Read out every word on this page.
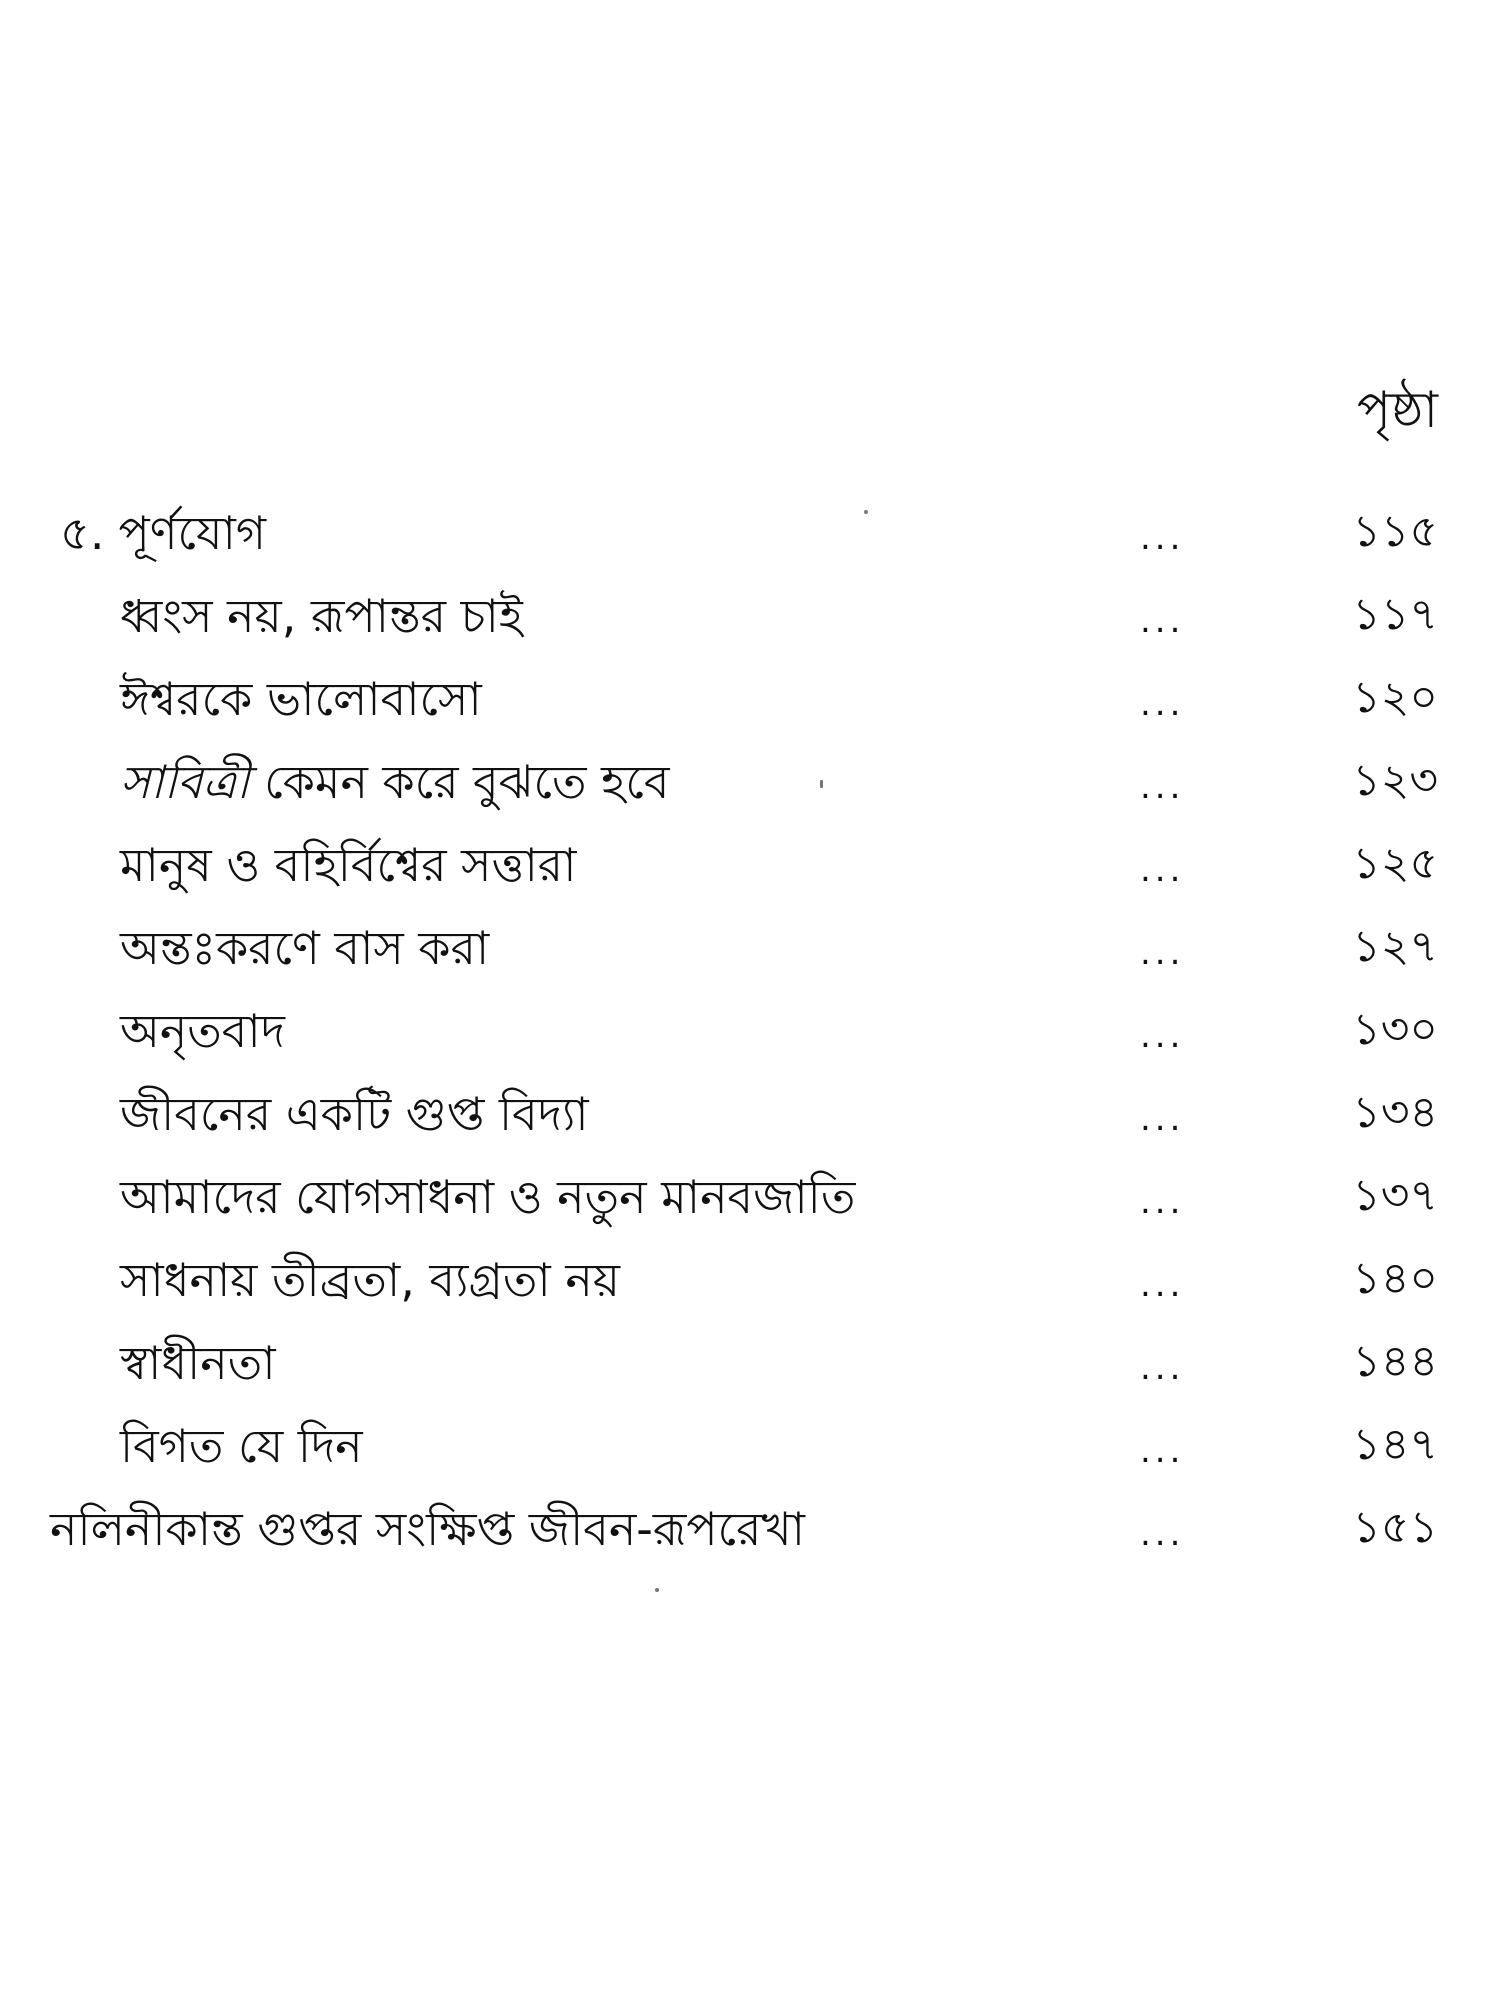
পৃষ্ঠা
৫. পূর্ণযোগ	...	১১৫
ধ্বংস নয়, রূপান্তর চাই	...	১১৭
ঈশ্বরকে ভালোবাসো	...	১২০
সাবিত্রী কেমন করে বুঝতে হবে	...	১২৩
মানুষ ও বহির্বিশ্বের সত্তারা	...	১২৫
অন্তঃকরণে বাস করা	...	১২৭
অনৃতবাদ	...	১৩০
জীবনের একটি গুপ্ত বিদ্যা	...	১৩৪
আমাদের যোগসাধনা ও নতুন মানবজাতি	...	১৩৭
সাধনায় তীব্রতা, ব্যগ্রতা নয়	...	১৪০
স্বাধীনতা	...	১৪৪
বিগত যে দিন	...	১৪৭
নলিনীকান্ত গুপ্তর সংক্ষিপ্ত জীবন-রূপরেখা	...	১৫১
